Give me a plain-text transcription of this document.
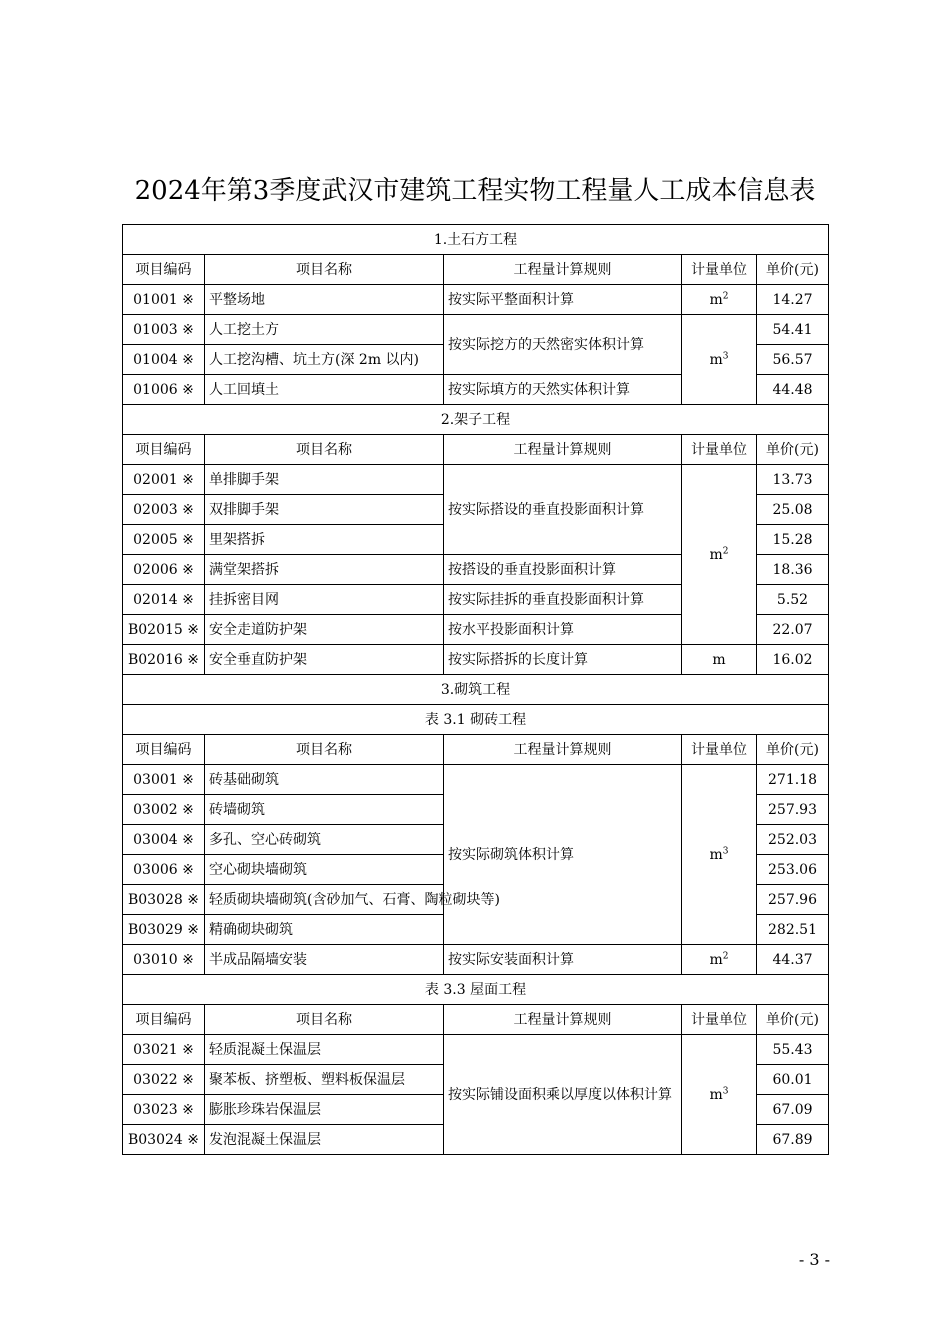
2024年第3季度武汉市建筑工程实物工程量人工成本信息表
1.土石方工程				
项目编码	项目名称	工程量计算规则	计量单位	单价(元)
01001 ※	平整场地	按实际平整面积计算	$m^2$	14.27
01003 ※	人工挖土方	按实际挖方的天然密实体积计算	$m^3$	54.41
01004 ※	人工挖沟槽、坑土方(深 2m 以内)			56.57
01006 ※	人工回填土	按实际填方的天然实体积计算		44.48
2.架子工程				
项目编码	项目名称	工程量计算规则	计量单位	单价(元)
02001 ※	单排脚手架	按实际搭设的垂直投影面积计算	$m^2$	13.73
02003 ※	双排脚手架			25.08
02005 ※	里架搭拆			15.28
02006 ※	满堂架搭拆	按搭设的垂直投影面积计算		18.36
02014 ※	挂拆密目网	按实际挂拆的垂直投影面积计算		5.52
B02015 ※	安全走道防护架	按水平投影面积计算		22.07
B02016 ※	安全垂直防护架	按实际搭拆的长度计算	m	16.02
3.砌筑工程				
表 3.1 砌砖工程				
项目编码	项目名称	工程量计算规则	计量单位	单价(元)
03001 ※	砖基础砌筑	按实际砌筑体积计算	$m^3$	271.18
03002 ※	砖墙砌筑			257.93
03004 ※	多孔、空心砖砌筑			252.03
03006 ※	空心砌块墙砌筑			253.06
B03028 ※	轻质砌块墙砌筑(含砂加气、石膏、陶粒砌块等)			257.96
B03029 ※	精确砌块砌筑			282.51
03010 ※	半成品隔墙安装	按实际安装面积计算	$m^2$	44.37
表 3.3 屋面工程				
项目编码	项目名称	工程量计算规则	计量单位	单价(元)
03021 ※	轻质混凝土保温层	按实际铺设面积乘以厚度以体积计算	$m^3$	55.43
03022 ※	聚苯板、挤塑板、塑料板保温层			60.01
03023 ※	膨胀珍珠岩保温层			67.09
B03024 ※	发泡混凝土保温层			67.89
- 3 -
